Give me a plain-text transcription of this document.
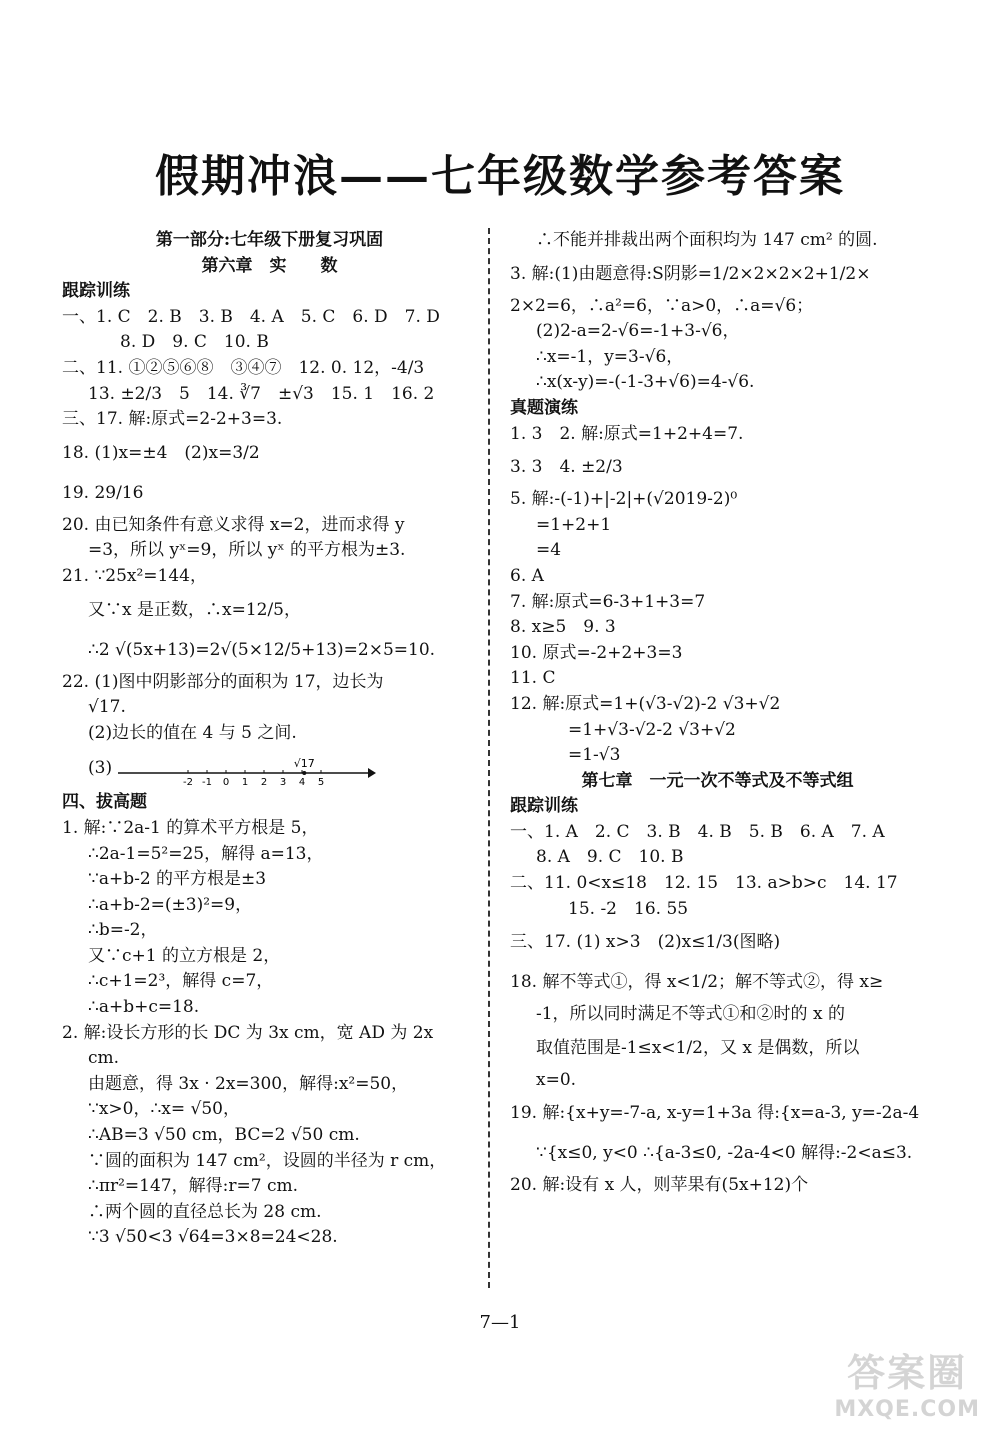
假期冲浪——七年级数学参考答案
第一部分:七年级下册复习巩固
第六章　实　　数
跟踪训练
一、1. C　2. B　3. B　4. A　5. C　6. D　7. D
8. D　9. C　10. B
二、11. ①②⑤⑥⑧　③④⑦　12. 0. 12，-4/3
13. ±2/3　5　14. ∛7　±√3　15. 1　16. 2
三、17. 解:原式=2-2+3=3.
18. (1)x=±4　(2)x=3/2
19. 29/16
20. 由已知条件有意义求得 x=2，进而求得 y
=3，所以 yˣ=9，所以 yˣ 的平方根为±3.
21. ∵25x²=144，
又∵x 是正数，∴x=12/5，
∴2 √(5x+13)=2√(5×12/5+13)=2×5=10.
22. (1)图中阴影部分的面积为 17，边长为
√17.
(2)边长的值在 4 与 5 之间.
(3)
-2 -1 0 1 2 3 4 5
√17
四、拔高题
1. 解:∵2a-1 的算术平方根是 5，
∴2a-1=5²=25，解得 a=13，
∵a+b-2 的平方根是±3
∴a+b-2=(±3)²=9，
∴b=-2，
又∵c+1 的立方根是 2，
∴c+1=2³，解得 c=7，
∴a+b+c=18.
2. 解:设长方形的长 DC 为 3x cm，宽 AD 为 2x
cm.
由题意，得 3x · 2x=300，解得:x²=50，
∵x>0，∴x= √50，
∴AB=3 √50 cm，BC=2 √50 cm.
∵圆的面积为 147 cm²，设圆的半径为 r cm，
∴πr²=147，解得:r=7 cm.
∴两个圆的直径总长为 28 cm.
∵3 √50<3 √64=3×8=24<28.
∴不能并排裁出两个面积均为 147 cm² 的圆.
3. 解:(1)由题意得:S阴影=1/2×2×2×2+1/2×
2×2=6，∴a²=6，∵a>0，∴a=√6；
(2)2-a=2-√6=-1+3-√6，
∴x=-1，y=3-√6，
∴x(x-y)=-(-1-3+√6)=4-√6.
真题演练
1. 3　2. 解:原式=1+2+4=7.
3. 3　4. ±2/3
5. 解:-(-1)+|-2|+(√2019-2)⁰
=1+2+1
=4
6. A
7. 解:原式=6-3+1+3=7
8. x≥5　9. 3
10. 原式=-2+2+3=3
11. C
12. 解:原式=1+(√3-√2)-2 √3+√2
=1+√3-√2-2 √3+√2
=1-√3
第七章　一元一次不等式及不等式组
跟踪训练
一、1. A　2. C　3. B　4. B　5. B　6. A　7. A
8. A　9. C　10. B
二、11. 0<x≤18　12. 15　13. a>b>c　14. 17
15. -2　16. 55
三、17. (1) x>3　(2)x≤1/3(图略)
18. 解不等式①，得 x<1/2；解不等式②，得 x≥
-1，所以同时满足不等式①和②时的 x 的
取值范围是-1≤x<1/2，又 x 是偶数，所以
x=0.
19. 解:{x+y=-7-a, x-y=1+3a 得:{x=a-3, y=-2a-4
∵{x≤0, y<0 ∴{a-3≤0, -2a-4<0 解得:-2<a≤3.
20. 解:设有 x 人，则苹果有(5x+12)个
7—1
答案圈
MXQE.COM
